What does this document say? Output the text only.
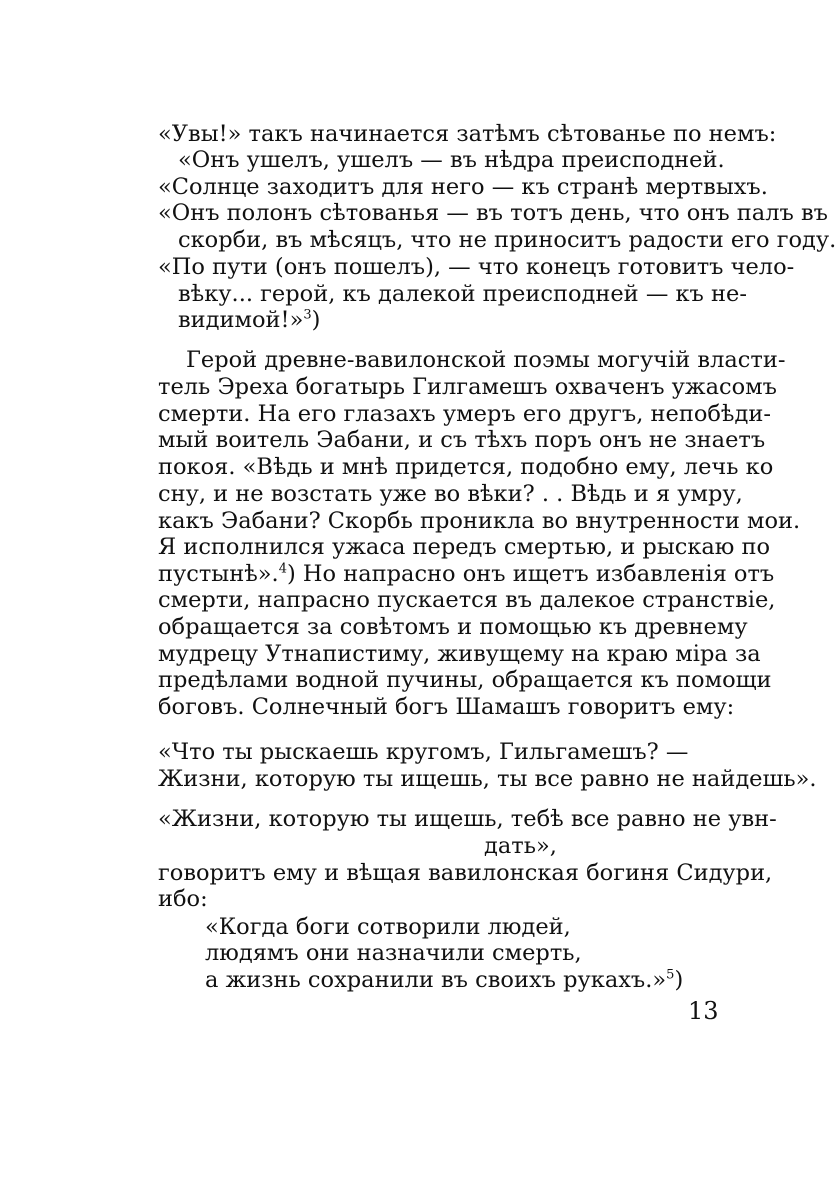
«Увы!» такъ начинается затѣмъ сѣтованье по немъ:
«Онъ ушелъ, ушелъ — въ нѣдра преисподней.
«Солнце заходитъ для него — къ странѣ мертвыхъ.
«Онъ полонъ сѣтованья — въ тотъ день, что онъ палъ въ
скорби, въ мѣсяцъ, что не приноситъ радости его году.
«По пути (онъ пошелъ), — что конецъ готовитъ чело-
вѣку... герой, къ далекой преисподней — къ не-
видимой!»$^3$)
Герой древне-вавилонской поэмы могучій власти-
тель Эреха богатырь Гилгамешъ охваченъ ужасомъ
смерти. На его глазахъ умеръ его другъ, непобѣди-
мый воитель Эабани, и съ тѣхъ поръ онъ не знаетъ
покоя. «Вѣдь и мнѣ придется, подобно ему, лечь ко
сну, и не возстать уже во вѣки? . . Вѣдь и я умру,
какъ Эабани? Скорбь проникла во внутренности мои.
Я исполнился ужаса передъ смертью, и рыскаю по
пустынѣ».$^4$) Но напрасно онъ ищетъ избавленія отъ
смерти, напрасно пускается въ далекое странствіе,
обращается за совѣтомъ и помощью къ древнему
мудрецу Утнапистиму, живущему на краю міра за
предѣлами водной пучины, обращается къ помощи
боговъ. Солнечный богъ Шамашъ говоритъ ему:
«Что ты рыскаешь кругомъ, Гильгамешъ? —
Жизни, которую ты ищешь, ты все равно не найдешь».
«Жизни, которую ты ищешь, тебѣ все равно не увн-
дать»,
говоритъ ему и вѣщая вавилонская богиня Сидури,
ибо:
«Когда боги сотворили людей,
людямъ они назначили смерть,
а жизнь сохранили въ своихъ рукахъ.»$^5$)
13
